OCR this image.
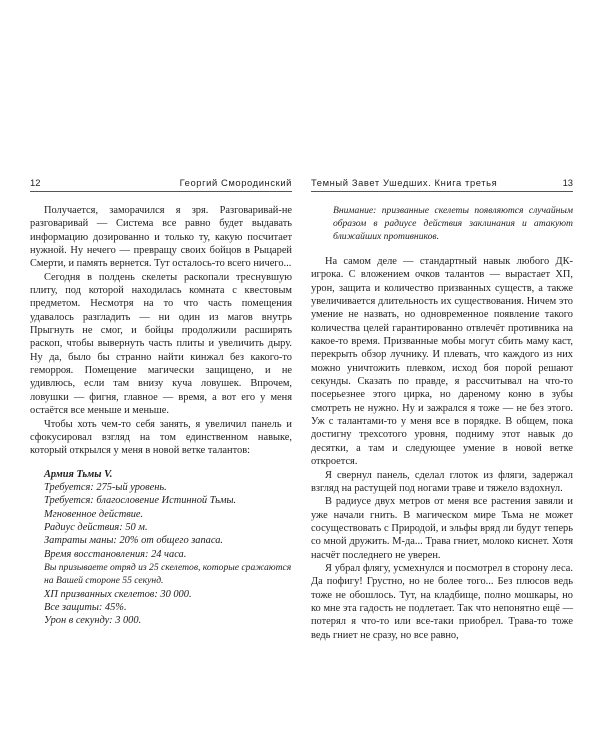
12	Георгий Смородинский

Получается, заморачился я зря. Разговаривай-не разговаривай — Система все равно будет выдавать информацию дозированно и только ту, какую посчитает нужной. Ну нечего — превращу своих бойцов в Рыцарей Смерти, и память вернется. Тут осталось-то всего ничего...

Сегодня в полдень скелеты раскопали треснувшую плиту, под которой находилась комната с квестовым предметом. Несмотря на то что часть помещения удавалось разгладить — ни один из магов внутрь Прыгнуть не смог, и бойцы продолжили расширять раскоп, чтобы вывернуть часть плиты и увеличить дыру. Ну да, было бы странно найти кинжал без какого-то геморроя. Помещение магически защищено, и не удивлюсь, если там внизу куча ловушек. Впрочем, ловушки — фигня, главное — время, а вот его у меня остаётся все меньше и меньше.

Чтобы хоть чем-то себя занять, я увеличил панель и сфокусировал взгляд на том единственном навыке, который открылся у меня в новой ветке талантов:

Армия Тьмы V.
Требуется: 275-ый уровень.
Требуется: благословение Истинной Тьмы.
Мгновенное действие.
Радиус действия: 50 м.
Затраты маны: 20% от общего запаса.
Время восстановления: 24 часа.
Вы призываете отряд из 25 скелетов, которые сражаются на Вашей стороне 55 секунд.
ХП призванных скелетов: 30 000.
Все защиты: 45%.
Урон в секунду: 3 000.
Темный Завет Ушедших. Книга третья	13
Внимание: призванные скелеты появляются случайным образом в радиусе действия заклинания и атакуют ближайших противников.

На самом деле — стандартный навык любого ДК-игрока. С вложением очков талантов — вырастает ХП, урон, защита и количество призванных существ, а также увеличивается длительность их существования. Ничем это умение не назвать, но одновременное появление такого количества целей гарантированно отвлечёт противника на какое-то время. Призванные мобы могут сбить маму каст, перекрыть обзор лучнику. И плевать, что каждого из них можно уничтожить плевком, исход боя порой решают секунды. Сказать по правде, я рассчитывал на что-то посерьезнее этого цирка, но дареному коню в зубы смотреть не нужно. Ну и зажрался я тоже — не без этого. Уж с талантами-то у меня все в порядке. В общем, пока достигну трехсотого уровня, подниму этот навык до десятки, а там и следующее умение в новой ветке откроется.

Я свернул панель, сделал глоток из фляги, задержал взгляд на растущей под ногами траве и тяжело вздохнул.

В радиусе двух метров от меня все растения завяли и уже начали гнить. В магическом мире Тьма не может сосуществовать с Природой, и эльфы вряд ли будут теперь со мной дружить. М-да... Трава гниет, молоко киснет. Хотя насчёт последнего не уверен.

Я убрал флягу, усмехнулся и посмотрел в сторону леса. Да пофигу! Грустно, но не более того... Без плюсов ведь тоже не обошлось. Тут, на кладбище, полно мошкары, но ко мне эта гадость не подлетает. Так что непонятно ещё — потерял я что-то или все-таки приобрел. Трава-то тоже ведь гниет не сразу, но все равно,
